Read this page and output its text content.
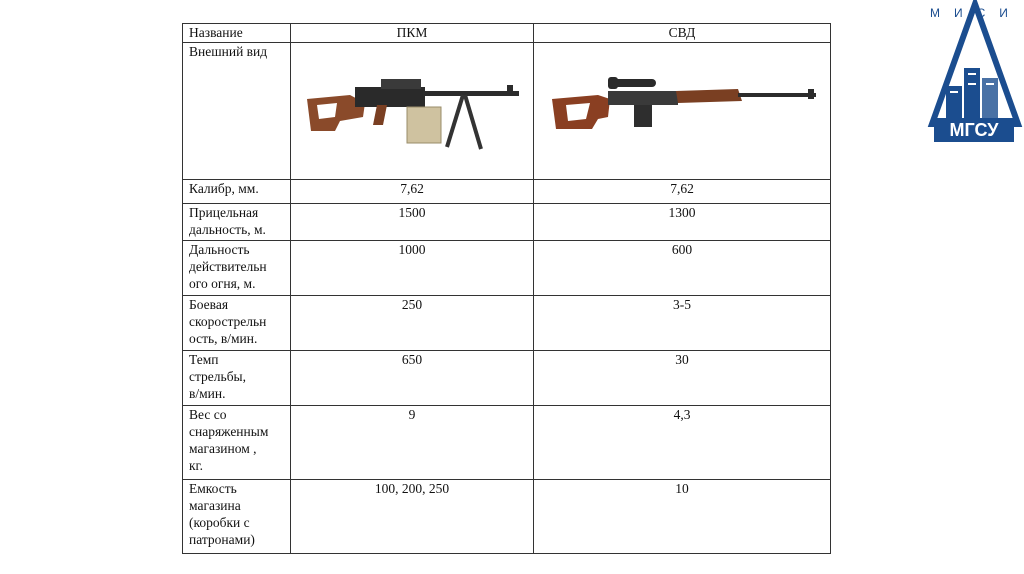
Название	ПКМ	СВД
Внешний вид	

Калибр, мм.	7,62	7,62
Прицельная
дальность, м.	1500	1300
Дальность
действительн
ого огня, м.	1000	600
Боевая
скорострельн
ость, в/мин.	250	3-5
Темп
стрельбы,
в/мин.	650	30
Вес со
снаряженным
магазином ,
кг.	9	4,3
Емкость
магазина
(коробки с
патронами)	100, 200, 250	10
МИСИ
МГСУ
